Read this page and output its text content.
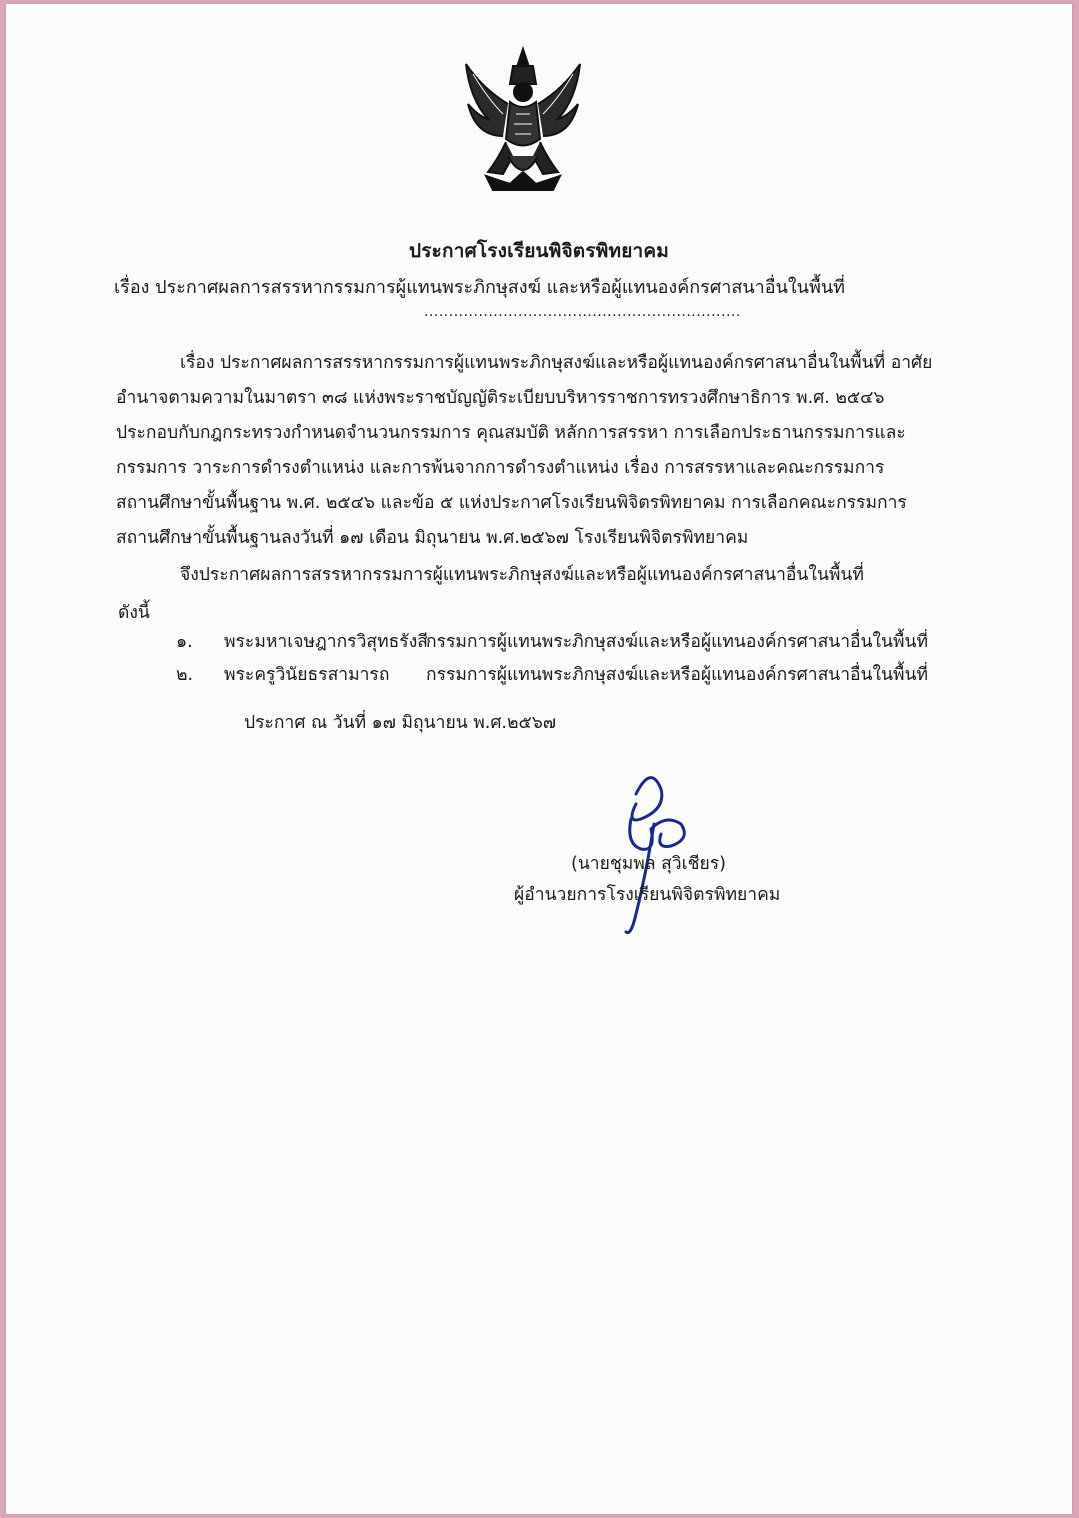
ประกาศโรงเรียนพิจิตรพิทยาคม
เรื่อง ประกาศผลการสรรหากรรมการผู้แทนพระภิกษุสงฆ์ และหรือผู้แทนองค์กรศาสนาอื่นในพื้นที่
................................................................
เรื่อง ประกาศผลการสรรหากรรมการผู้แทนพระภิกษุสงฆ์และหรือผู้แทนองค์กรศาสนาอื่นในพื้นที่ อาศัย
อำนาจตามความในมาตรา ๓๘ แห่งพระราชบัญญัติระเบียบบริหารราชการทรวงศึกษาธิการ พ.ศ. ๒๕๔๖
ประกอบกับกฎกระทรวงกำหนดจำนวนกรรมการ คุณสมบัติ หลักการสรรหา การเลือกประธานกรรมการและ
กรรมการ วาระการดำรงตำแหน่ง และการพ้นจากการดำรงตำแหน่ง เรื่อง การสรรหาและคณะกรรมการ
สถานศึกษาขั้นพื้นฐาน พ.ศ. ๒๕๔๖ และข้อ ๕ แห่งประกาศโรงเรียนพิจิตรพิทยาคม การเลือกคณะกรรมการ
สถานศึกษาขั้นพื้นฐานลงวันที่ ๑๗ เดือน มิถุนายน พ.ศ.๒๕๖๗ โรงเรียนพิจิตรพิทยาคม
จึงประกาศผลการสรรหากรรมการผู้แทนพระภิกษุสงฆ์และหรือผู้แทนองค์กรศาสนาอื่นในพื้นที่
ดังนี้
๑. พระมหาเจษฎากรวิสุทธรังสี
กรรมการผู้แทนพระภิกษุสงฆ์และหรือผู้แทนองค์กรศาสนาอื่นในพื้นที่
๒. พระครูวินัยธรสามารถ กรรมการผู้แทนพระภิกษุสงฆ์และหรือผู้แทนองค์กรศาสนาอื่นในพื้นที่
ประกาศ ณ วันที่ ๑๗ มิถุนายน พ.ศ.๒๕๖๗
(นายชุมพล สุวิเชียร)
ผู้อำนวยการโรงเรียนพิจิตรพิทยาคม
